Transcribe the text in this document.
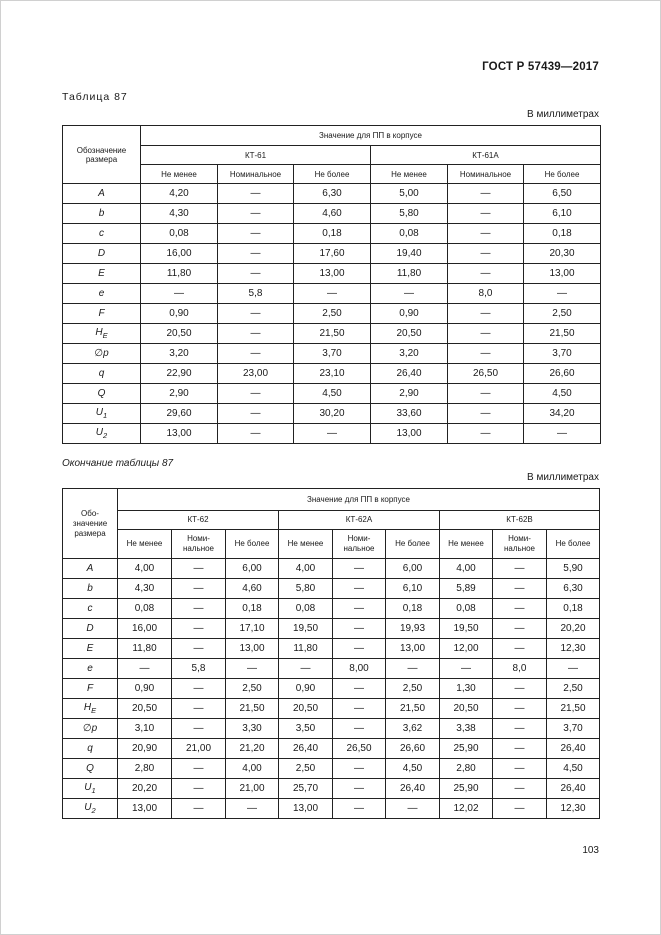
ГОСТ Р 57439—2017
Таблица 87
В миллиметрах
Обозначение размера	Значение для ПП в корпусе					
	КТ-61			КТ-61А		
	Не менее	Номинальное	Не более	Не менее	Номинальное	Не более
A	4,20	—	6,30	5,00	—	6,50
b	4,30	—	4,60	5,80	—	6,10
c	0,08	—	0,18	0,08	—	0,18
D	16,00	—	17,60	19,40	—	20,30
E	11,80	—	13,00	11,80	—	13,00
e	—	5,8	—	—	8,0	—
F	0,90	—	2,50	0,90	—	2,50
$H_E$	20,50	—	21,50	20,50	—	21,50
∅p	3,20	—	3,70	3,20	—	3,70
q	22,90	23,00	23,10	26,40	26,50	26,60
Q	2,90	—	4,50	2,90	—	4,50
$U_1$	29,60	—	30,20	33,60	—	34,20
$U_2$	13,00	—	—	13,00	—	—
Окончание таблицы 87
В миллиметрах
Обо-значение размера	Значение для ПП в корпусе								
	КТ-62			КТ-62А			КТ-62В		
	Не менее	Номи-нальное	Не более	Не менее	Номи-нальное	Не более	Не менее	Номи-нальное	Не более
A	4,00	—	6,00	4,00	—	6,00	4,00	—	5,90
b	4,30	—	4,60	5,80	—	6,10	5,89	—	6,30
c	0,08	—	0,18	0,08	—	0,18	0,08	—	0,18
D	16,00	—	17,10	19,50	—	19,93	19,50	—	20,20
E	11,80	—	13,00	11,80	—	13,00	12,00	—	12,30
e	—	5,8	—	—	8,00	—	—	8,0	—
F	0,90	—	2,50	0,90	—	2,50	1,30	—	2,50
$H_E$	20,50	—	21,50	20,50	—	21,50	20,50	—	21,50
∅p	3,10	—	3,30	3,50	—	3,62	3,38	—	3,70
q	20,90	21,00	21,20	26,40	26,50	26,60	25,90	—	26,40
Q	2,80	—	4,00	2,50	—	4,50	2,80	—	4,50
$U_1$	20,20	—	21,00	25,70	—	26,40	25,90	—	26,40
$U_2$	13,00	—	—	13,00	—	—	12,02	—	12,30
103
